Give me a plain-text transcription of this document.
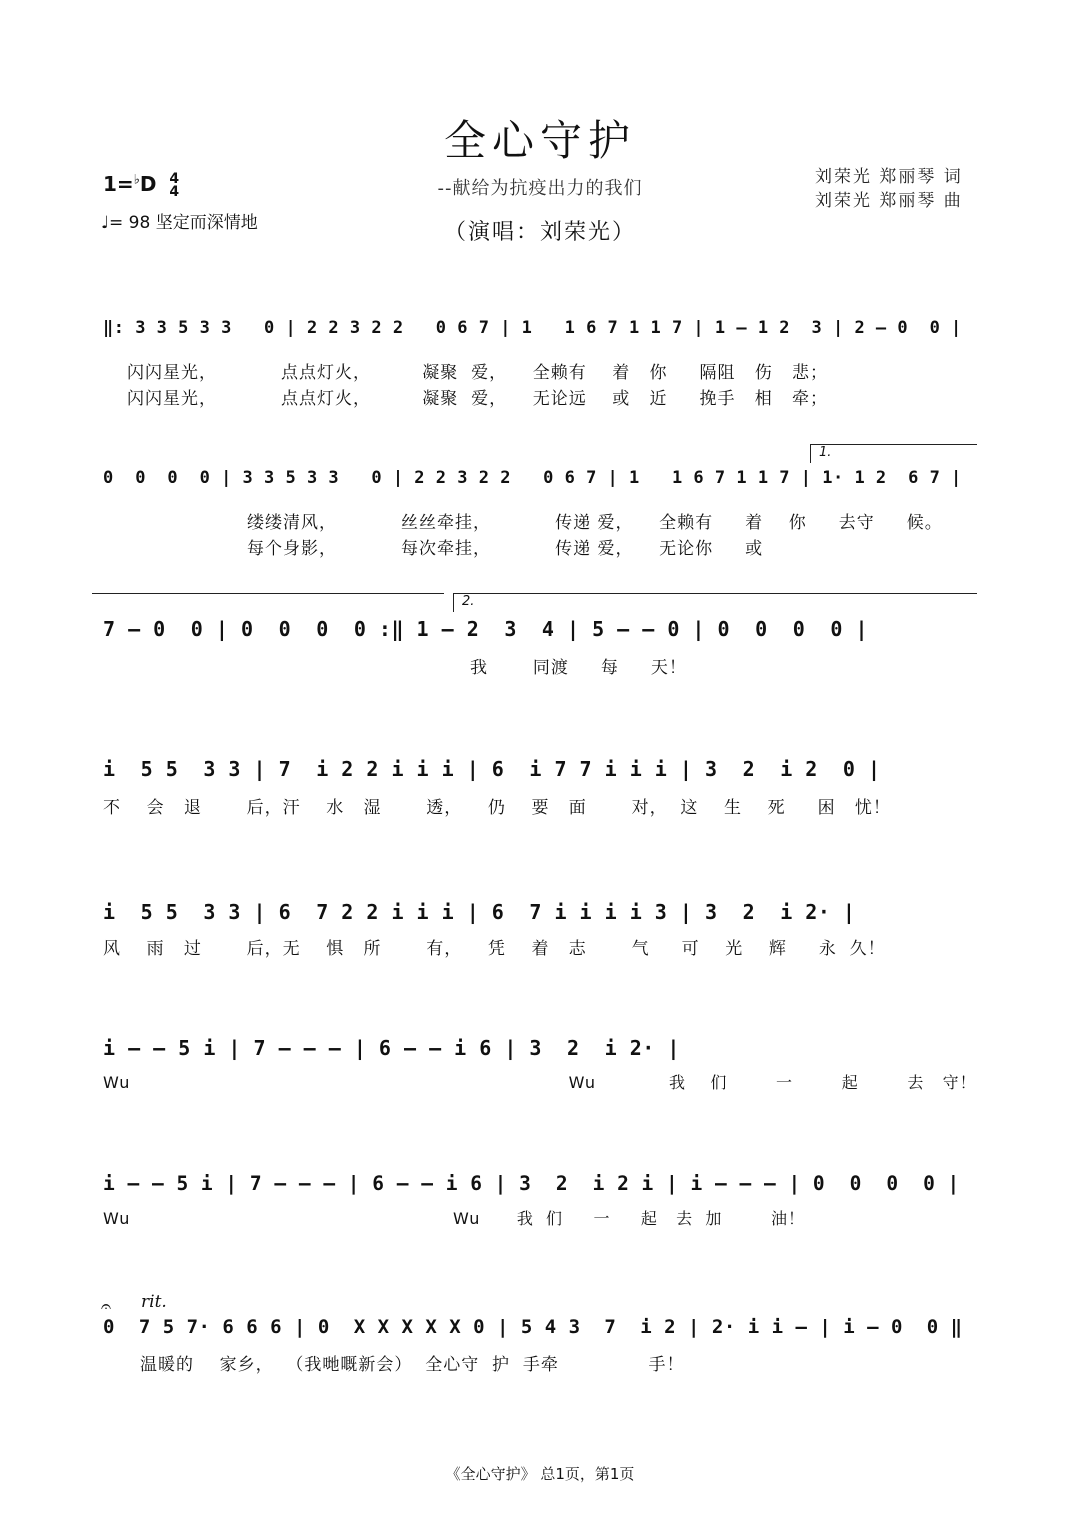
全心守护
--献给为抗疫出力的我们
（演唱：刘荣光）
刘荣光 郑丽琴 词
刘荣光 郑丽琴 曲
1=♭D 4
4
♩= 98 坚定而深情地
‖: 3 3 5 3 3   0 | 2 2 3 2 2   0 6 7 | 1   1 6 7 1 1 7 | 1 – 1 2  3 | 2 – 0  0 |
闪闪星光，          点点灯火，        凝聚  爱，    全赖有    着   你     隔阻   伤   悲；
闪闪星光，          点点灯火，        凝聚  爱，    无论远    或   近     挽手   相   牵；
1.
0  0  0  0 | 3 3 5 3 3   0 | 2 2 3 2 2   0 6 7 | 1   1 6 7 1 1 7 | 1· 1 2  6 7 |
缕缕清风，          丝丝牵挂，          传递 爱，    全赖有     着    你     去守     候。
每个身影，          每次牵挂，          传递 爱，    无论你     或
2.
7 – 0  0 | 0  0  0  0 :‖ 1 – 2  3  4 | 5 – – 0 | 0  0  0  0 |
我       同渡     每     天！
i  5 5  3 3 | 7  i 2 2 i i i | 6  i 7 7 i i i | 3  2  i 2  0 |
不    会   退       后，汗    水   湿       透，    仍    要   面       对，  这    生    死     困   忧！
i  5 5  3 3 | 6  7 2 2 i i i | 6  7 i i i i 3 | 3  2  i 2· |
风    雨   过       后，无    惧   所       有，    凭    着   志       气     可    光    辉     永  久！
i – – 5 i | 7 – – – | 6 – – i 6 | 3  2  i 2· |
Wu                                                                        Wu            我    们        一        起        去   守！
i – – 5 i | 7 – – – | 6 – – i 6 | 3  2  i 2 i | i – – – | 0  0  0  0 |
Wu                                                     Wu      我  们     一     起   去  加        油！
𝄐 rit.
0  7 5 7· 6 6 6 | 0  X X X X X 0 | 5 4 3  7  i 2 | 2· i i – | i – 0  0 ‖
温暖的    家乡，  （我哋嘅新会）  全心守  护  手牵              手！
《全心守护》 总1页，第1页
